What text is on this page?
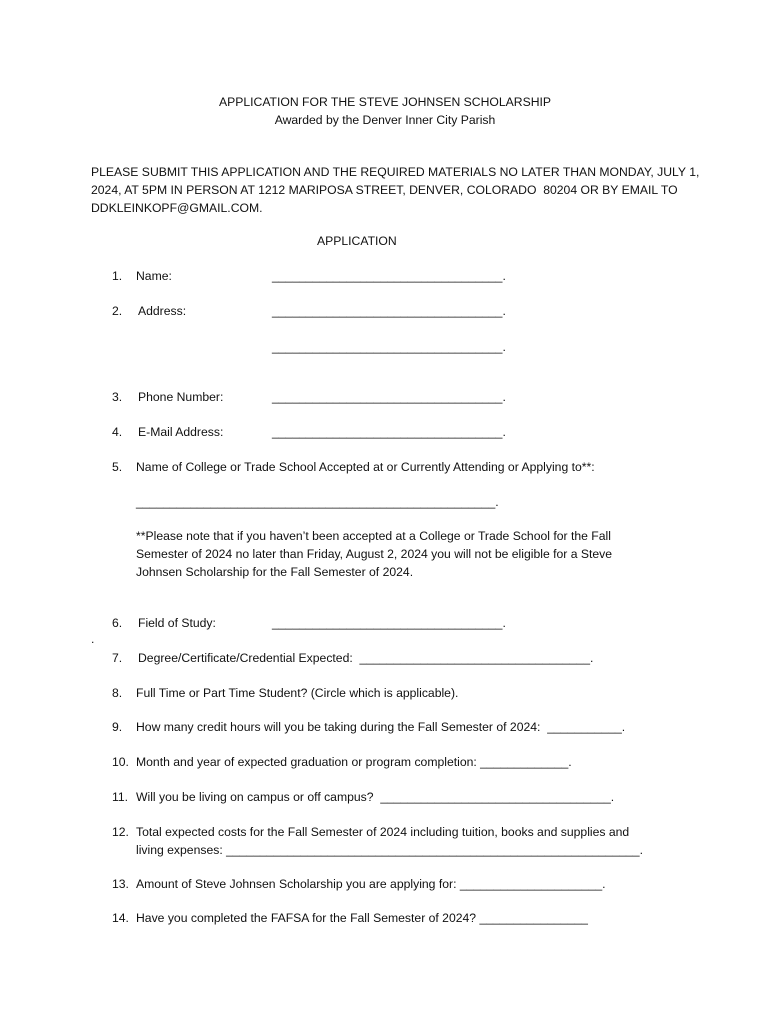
APPLICATION FOR THE STEVE JOHNSEN SCHOLARSHIP
Awarded by the Denver Inner City Parish
PLEASE SUBMIT THIS APPLICATION AND THE REQUIRED MATERIALS NO LATER THAN MONDAY, JULY 1,
2024, AT 5PM IN PERSON AT 1212 MARIPOSA STREET, DENVER, COLORADO  80204 OR BY EMAIL TO
DDKLEINKOPF@GMAIL.COM.
APPLICATION
1. Name:	__________________________________.
2. Address:	__________________________________.
__________________________________.
3. Phone Number:	__________________________________.
4. E-Mail Address:	__________________________________.
5. Name of College or Trade School Accepted at or Currently Attending or Applying to**:
_____________________________________________________.
**Please note that if you haven’t been accepted at a College or Trade School for the Fall
Semester of 2024 no later than Friday, August 2, 2024 you will not be eligible for a Steve
Johnsen Scholarship for the Fall Semester of 2024.
6. Field of Study:	__________________________________.
.
7. Degree/Certificate/Credential Expected:  __________________________________.
8. Full Time or Part Time Student? (Circle which is applicable).
9. How many credit hours will you be taking during the Fall Semester of 2024:  ___________.
10. Month and year of expected graduation or program completion: _____________.
11. Will you be living on campus or off campus?  __________________________________.
12. Total expected costs for the Fall Semester of 2024 including tuition, books and supplies and
living expenses: _____________________________________________________________.
13. Amount of Steve Johnsen Scholarship you are applying for: _____________________.
14. Have you completed the FAFSA for the Fall Semester of 2024? ________________
